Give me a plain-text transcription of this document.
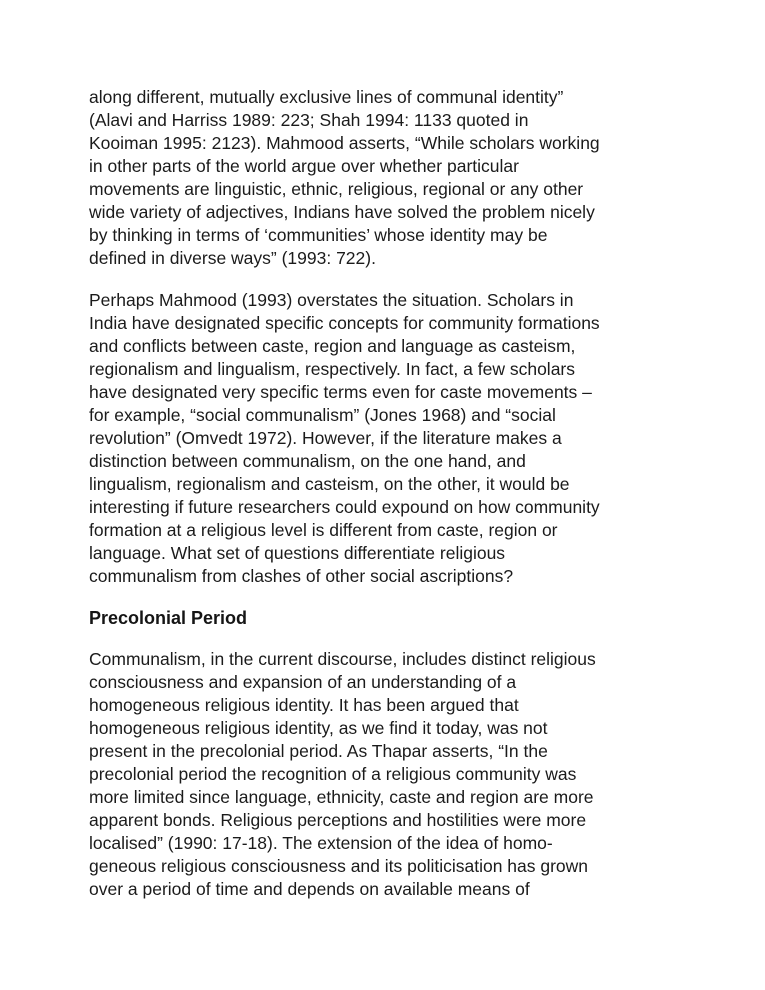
along different, mutually exclusive lines of communal identity”
(Alavi and Harriss 1989: 223; Shah 1994: 1133 quoted in
Kooiman 1995: 2123). Mahmood asserts, “While scholars working
in other parts of the world argue over whether particular
movements are linguistic, ethnic, religious, regional or any other
wide variety of adjectives, Indians have solved the problem nicely
by thinking in terms of ‘communities’ whose identity may be
defined in diverse ways” (1993: 722).
Perhaps Mahmood (1993) overstates the situation. Scholars in
India have designated specific concepts for community formations
and conflicts between caste, region and language as casteism,
regionalism and lingualism, respectively. In fact, a few scholars
have designated very specific terms even for caste movements –
for example, “social communalism” (Jones 1968) and “social
revolution” (Omvedt 1972). However, if the literature makes a
distinction between communalism, on the one hand, and
lingualism, regionalism and casteism, on the other, it would be
interesting if future researchers could expound on how community
formation at a religious level is different from caste, region or
language. What set of questions differentiate religious
communalism from clashes of other social ascriptions?
Precolonial Period
Communalism, in the current discourse, includes distinct religious
consciousness and expansion of an understanding of a
homogeneous religious identity. It has been argued that
homogeneous religious identity, as we find it today, was not
present in the precolonial period. As Thapar asserts, “In the
precolonial period the recognition of a religious community was
more limited since language, ethnicity, caste and region are more
apparent bonds. Religious perceptions and hostilities were more
localised” (1990: 17-18). The extension of the idea of homo-
geneous religious consciousness and its politicisation has grown
over a period of time and depends on available means of
